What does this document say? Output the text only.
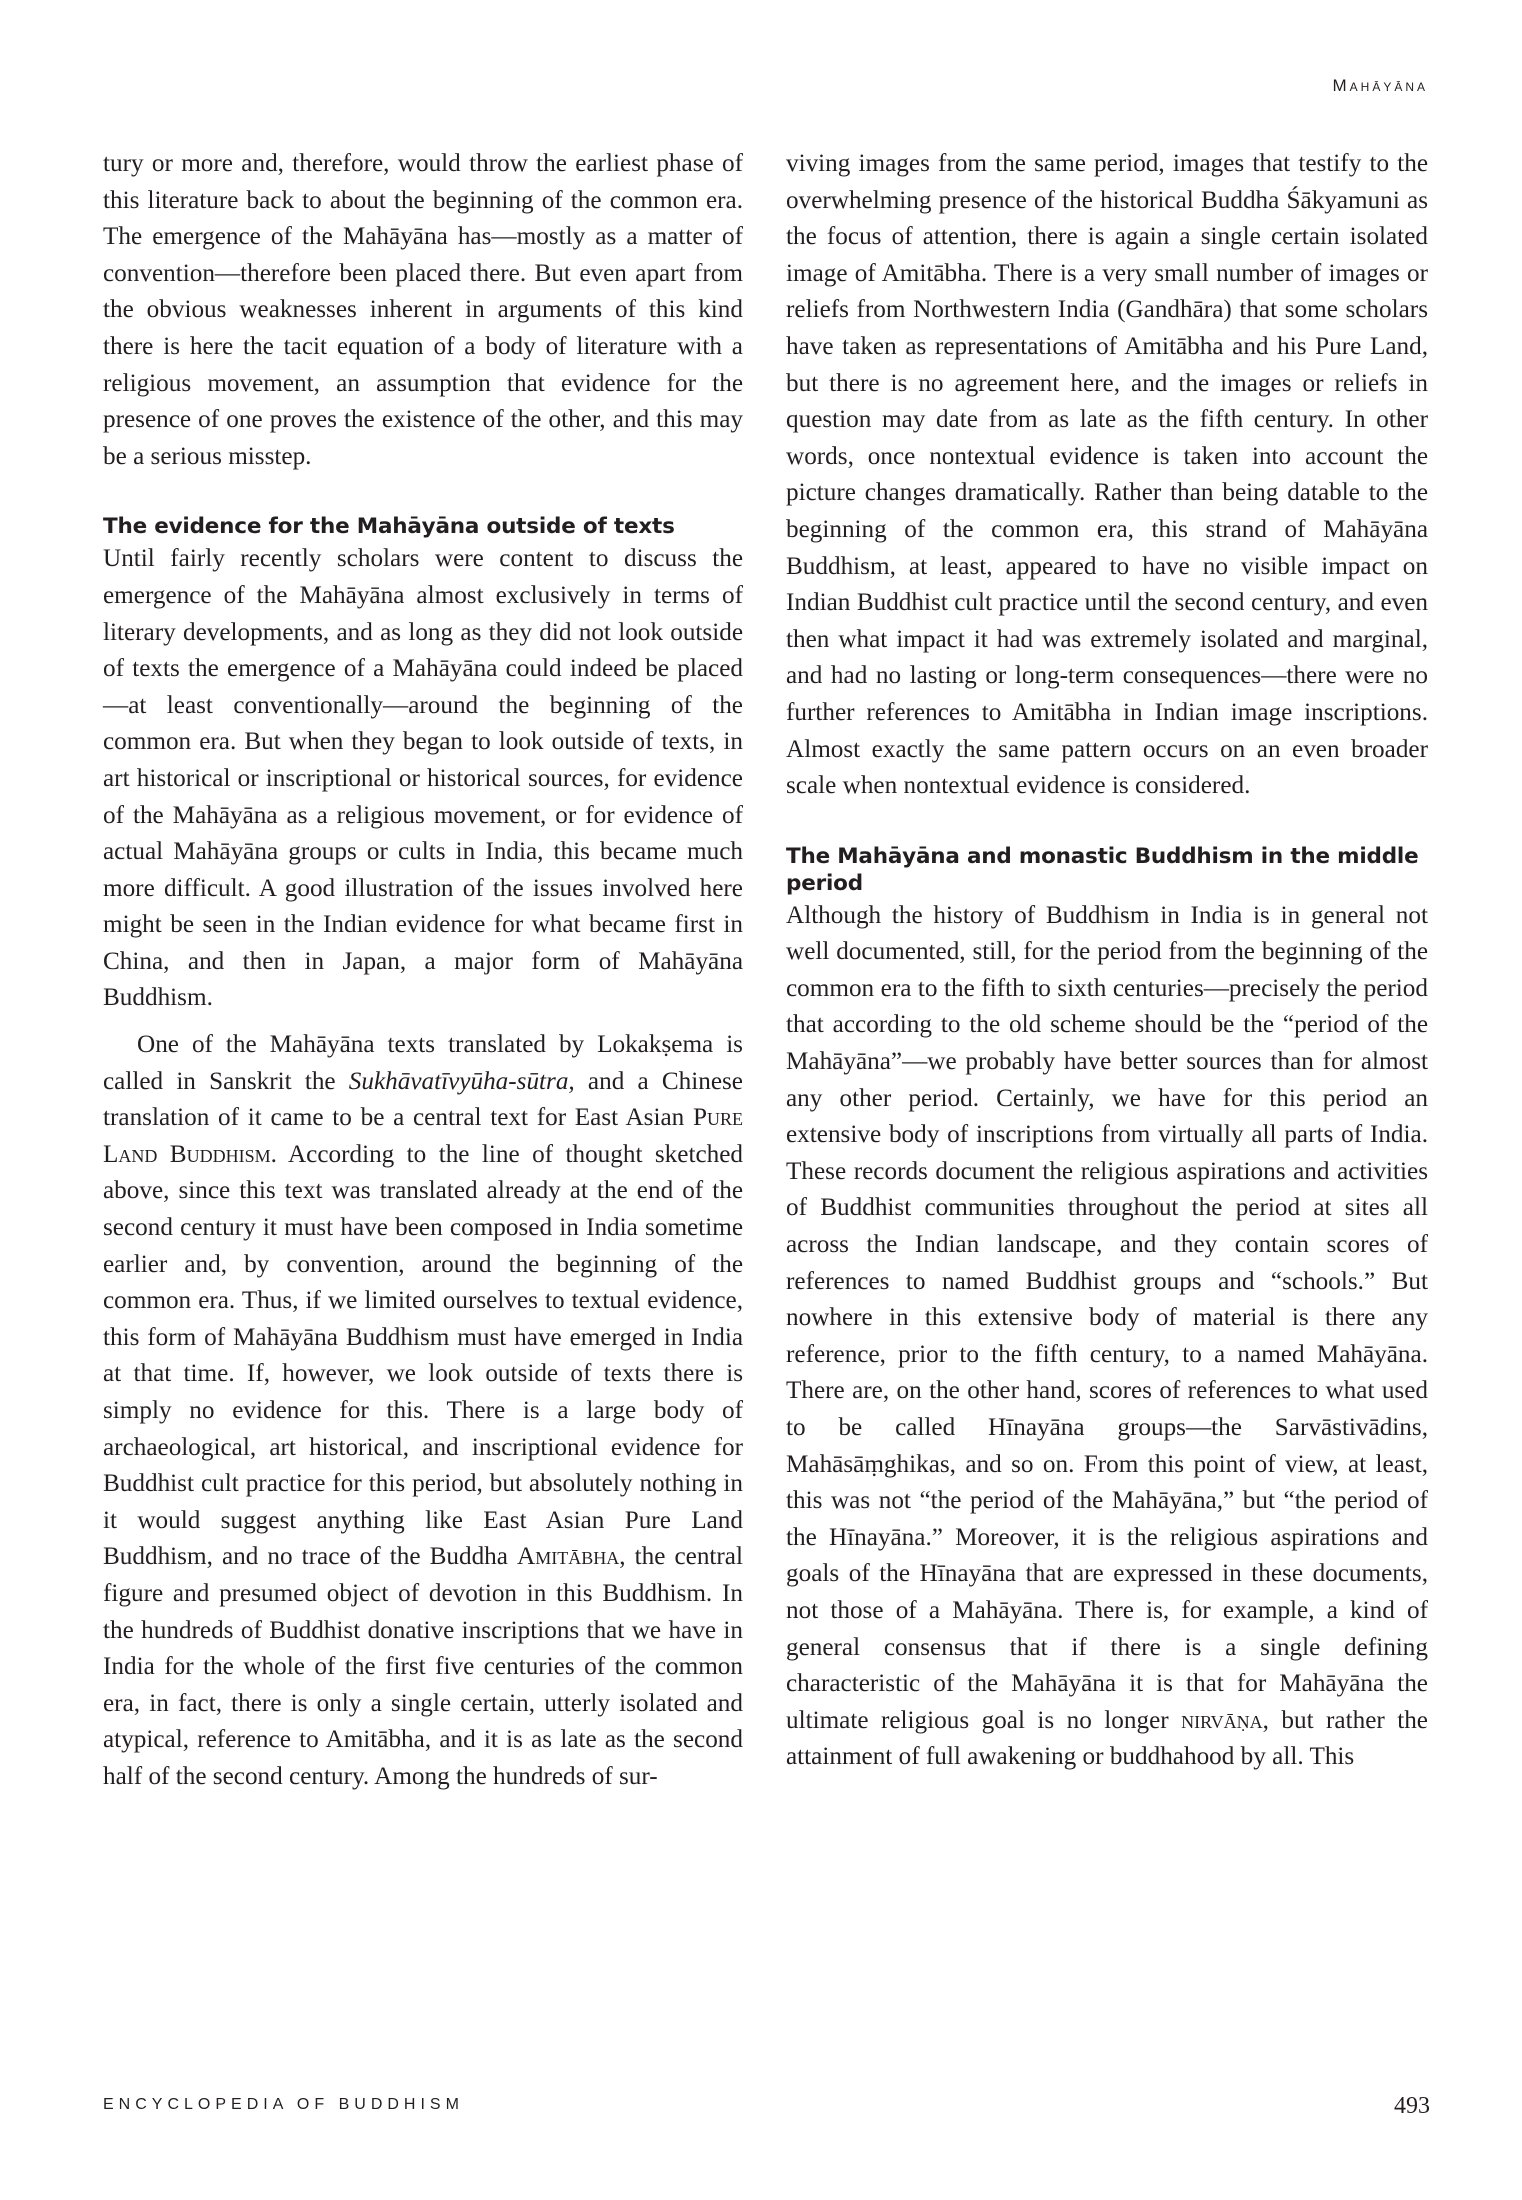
Mahāyāna

tury or more and, therefore, would throw the earliest phase of this literature back to about the beginning of the common era. The emergence of the Mahāyāna has—mostly as a matter of convention—therefore been placed there. But even apart from the obvious weaknesses inherent in arguments of this kind there is here the tacit equation of a body of literature with a religious movement, an assumption that evidence for the presence of one proves the existence of the other, and this may be a serious misstep.

The evidence for the Mahāyāna outside of texts

Until fairly recently scholars were content to discuss the emergence of the Mahāyāna almost exclusively in terms of literary developments, and as long as they did not look outside of texts the emergence of a Mahāyāna could indeed be placed—at least conventionally—around the beginning of the common era. But when they began to look outside of texts, in art historical or inscriptional or historical sources, for evidence of the Mahāyāna as a religious movement, or for evidence of actual Mahāyāna groups or cults in India, this became much more difficult. A good illustration of the issues involved here might be seen in the Indian evidence for what became first in China, and then in Japan, a major form of Mahāyāna Buddhism.

One of the Mahāyāna texts translated by Lokakṣema is called in Sanskrit the Sukhāvatīvyūha-sūtra, and a Chinese translation of it came to be a central text for East Asian Pure Land Buddhism. According to the line of thought sketched above, since this text was translated already at the end of the second century it must have been composed in India sometime earlier and, by convention, around the beginning of the common era. Thus, if we limited ourselves to textual evidence, this form of Mahāyāna Buddhism must have emerged in India at that time. If, however, we look outside of texts there is simply no evidence for this. There is a large body of archaeological, art historical, and inscriptional evidence for Buddhist cult practice for this period, but absolutely nothing in it would suggest anything like East Asian Pure Land Buddhism, and no trace of the Buddha Amitābha, the central figure and presumed object of devotion in this Buddhism. In the hundreds of Buddhist donative inscriptions that we have in India for the whole of the first five centuries of the common era, in fact, there is only a single certain, utterly isolated and atypical, reference to Amitābha, and it is as late as the second half of the second century. Among the hundreds of sur-

viving images from the same period, images that testify to the overwhelming presence of the historical Buddha Śākyamuni as the focus of attention, there is again a single certain isolated image of Amitābha. There is a very small number of images or reliefs from Northwestern India (Gandhāra) that some scholars have taken as representations of Amitābha and his Pure Land, but there is no agreement here, and the images or reliefs in question may date from as late as the fifth century. In other words, once nontextual evidence is taken into account the picture changes dramatically. Rather than being datable to the beginning of the common era, this strand of Mahāyāna Buddhism, at least, appeared to have no visible impact on Indian Buddhist cult practice until the second century, and even then what impact it had was extremely isolated and marginal, and had no lasting or long-term consequences—there were no further references to Amitābha in Indian image inscriptions. Almost exactly the same pattern occurs on an even broader scale when nontextual evidence is considered.

The Mahāyāna and monastic Buddhism in the middle period

Although the history of Buddhism in India is in general not well documented, still, for the period from the beginning of the common era to the fifth to sixth centuries—precisely the period that according to the old scheme should be the “period of the Mahāyāna”—we probably have better sources than for almost any other period. Certainly, we have for this period an extensive body of inscriptions from virtually all parts of India. These records document the religious aspirations and activities of Buddhist communities throughout the period at sites all across the Indian landscape, and they contain scores of references to named Buddhist groups and “schools.” But nowhere in this extensive body of material is there any reference, prior to the fifth century, to a named Mahāyāna. There are, on the other hand, scores of references to what used to be called Hīnayāna groups—the Sarvāstivādins, Mahāsāṃghikas, and so on. From this point of view, at least, this was not “the period of the Mahāyāna,” but “the period of the Hīnayāna.” Moreover, it is the religious aspirations and goals of the Hīnayāna that are expressed in these documents, not those of a Mahāyāna. There is, for example, a kind of general consensus that if there is a single defining characteristic of the Mahāyāna it is that for Mahāyāna the ultimate religious goal is no longer nirvāṇa, but rather the attainment of full awakening or buddhahood by all. This

ENCYCLOPEDIA OF BUDDHISM	493
